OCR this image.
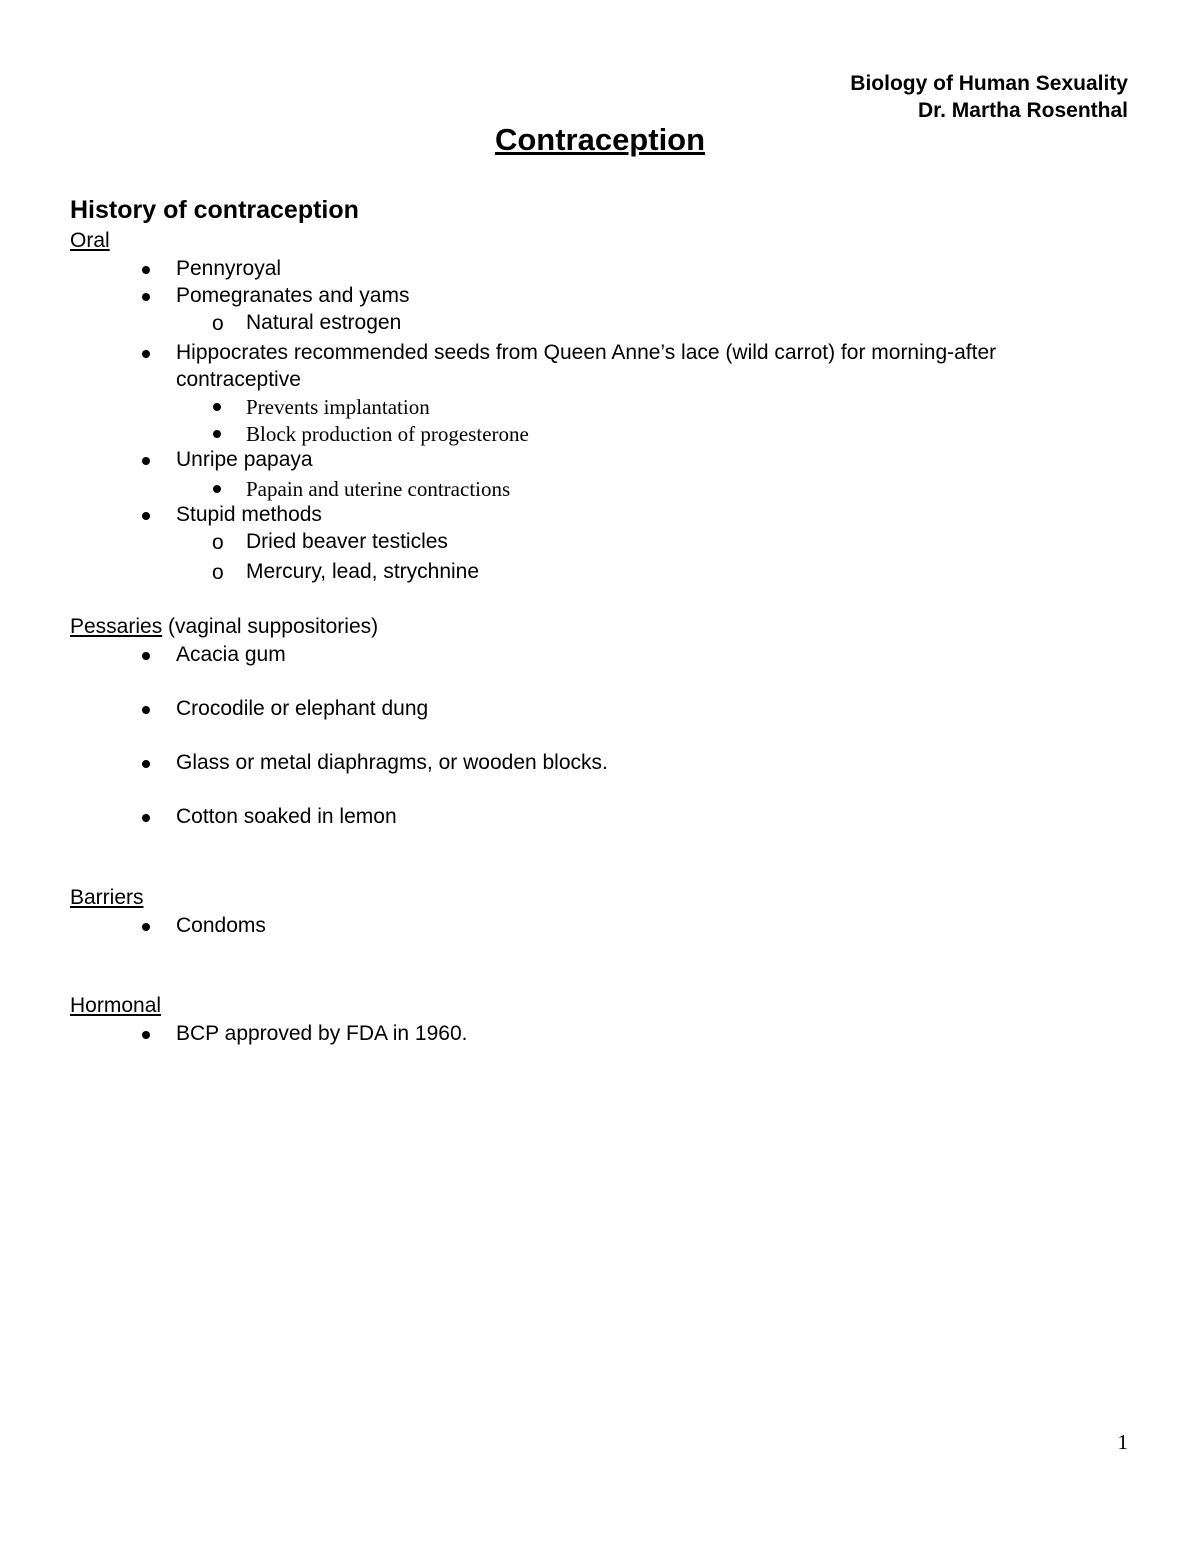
Biology of Human Sexuality
Dr. Martha Rosenthal
Contraception
History of contraception
Oral
Pennyroyal
Pomegranates and yams
o Natural estrogen
Hippocrates recommended seeds from Queen Anne’s lace (wild carrot) for morning-after
contraceptive
Prevents implantation
Block production of progesterone
Unripe papaya
Papain and uterine contractions
Stupid methods
o Dried beaver testicles
o Mercury, lead, strychnine
Pessaries (vaginal suppositories)
Acacia gum
Crocodile or elephant dung
Glass or metal diaphragms, or wooden blocks.
Cotton soaked in lemon
Barriers
Condoms
Hormonal
BCP approved by FDA in 1960.
1
